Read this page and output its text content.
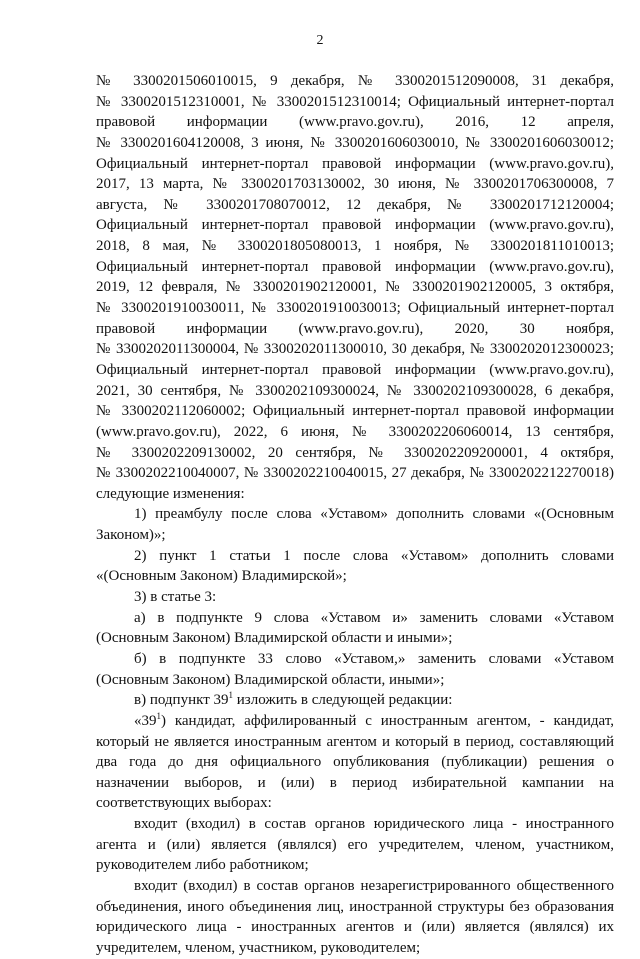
2
№ 3300201506010015, 9 декабря, № 3300201512090008, 31 декабря,
№ 3300201512310001, № 3300201512310014; Официальный интернет-портал
правовой информации (www.pravo.gov.ru), 2016, 12 апреля,
№ 3300201604120008, 3 июня, № 3300201606030010, № 3300201606030012;
Официальный интернет-портал правовой информации (www.pravo.gov.ru),
2017, 13 марта, № 3300201703130002, 30 июня, № 3300201706300008, 7
августа, № 3300201708070012, 12 декабря, № 3300201712120004;
Официальный интернет-портал правовой информации (www.pravo.gov.ru),
2018, 8 мая, № 3300201805080013, 1 ноября, № 3300201811010013;
Официальный интернет-портал правовой информации (www.pravo.gov.ru),
2019, 12 февраля, № 3300201902120001, № 3300201902120005, 3 октября,
№ 3300201910030011, № 3300201910030013; Официальный интернет-портал
правовой информации (www.pravo.gov.ru), 2020, 30 ноября,
№ 3300202011300004, № 3300202011300010, 30 декабря, № 3300202012300023;
Официальный интернет-портал правовой информации (www.pravo.gov.ru),
2021, 30 сентября, № 3300202109300024, № 3300202109300028, 6 декабря,
№ 3300202112060002; Официальный интернет-портал правовой информации
(www.pravo.gov.ru), 2022, 6 июня, № 3300202206060014, 13 сентября,
№ 3300202209130002, 20 сентября, № 3300202209200001, 4 октября,
№ 3300202210040007, № 3300202210040015, 27 декабря, № 3300202212270018)
следующие изменения:
1) преамбулу после слова «Уставом» дополнить словами «(Основным
Законом)»;
2) пункт 1 статьи 1 после слова «Уставом» дополнить словами
«(Основным Законом) Владимирской»;
3) в статье 3:
а) в подпункте 9 слова «Уставом и» заменить словами «Уставом
(Основным Законом) Владимирской области и иными»;
б) в подпункте 33 слово «Уставом,» заменить словами «Уставом
(Основным Законом) Владимирской области, иными»;
в) подпункт $39^1$ изложить в следующей редакции:
«$39^1$) кандидат, аффилированный с иностранным агентом, - кандидат,
который не является иностранным агентом и который в период, составляющий
два года до дня официального опубликования (публикации) решения о
назначении выборов, и (или) в период избирательной кампании на
соответствующих выборах:
входит (входил) в состав органов юридического лица - иностранного
агента и (или) является (являлся) его учредителем, членом, участником,
руководителем либо работником;
входит (входил) в состав органов незарегистрированного общественного
объединения, иного объединения лиц, иностранной структуры без образования
юридического лица - иностранных агентов и (или) является (являлся) их
учредителем, членом, участником, руководителем;
